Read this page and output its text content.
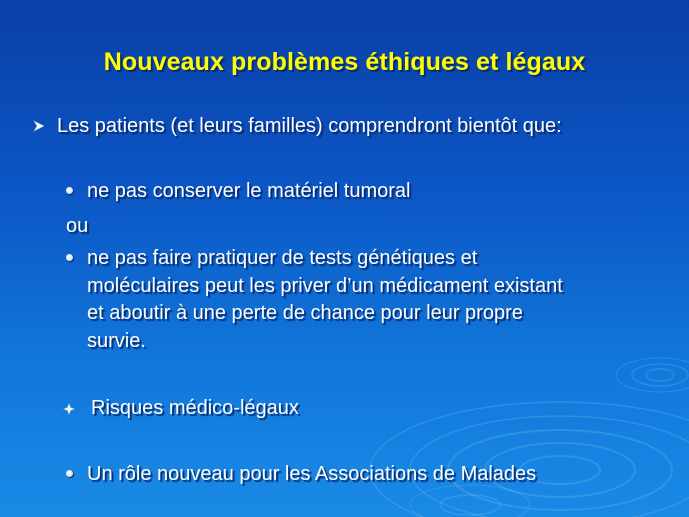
Nouveaux problèmes éthiques et légaux
Les patients (et leurs familles) comprendront bientôt que:
ne pas conserver le matériel tumoral
ou
ne pas faire pratiquer de tests génétiques et
moléculaires peut les priver d’un médicament existant
et aboutir à une perte de chance pour leur propre
survie.
Risques médico-légaux
Un rôle nouveau pour les Associations de Malades
